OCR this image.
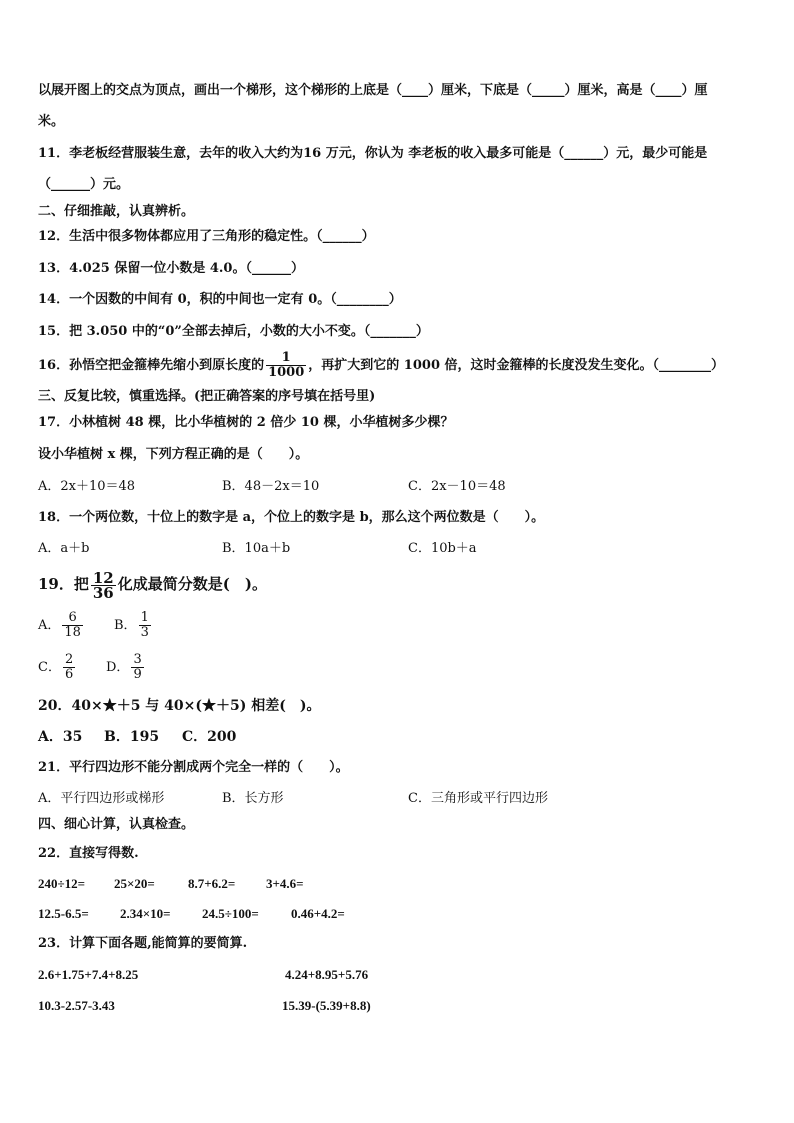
以展开图上的交点为顶点，画出一个梯形，这个梯形的上底是（____）厘米，下底是（_____）厘米，高是（____）厘
米。
11．李老板经营服装生意，去年的收入大约为16 万元，你认为 李老板的收入最多可能是（______）元，最少可能是
（______）元。
二、仔细推敲，认真辨析。
12．生活中很多物体都应用了三角形的稳定性。（______）
13．4.025 保留一位小数是 4.0。（______）
14．一个因数的中间有 0，积的中间也一定有 0。（________）
15．把 3.050 中的“0”全部去掉后，小数的大小不变。（_______）
16．孙悟空把金箍棒先缩小到原长度的 $\frac{1}{1000}$ ，再扩大到它的 1000 倍，这时金箍棒的长度没发生变化。（________）
三、反复比较，慎重选择。(把正确答案的序号填在括号里)
17．小林植树 48 棵，比小华植树的 2 倍少 10 棵，小华植树多少棵？
设小华植树 x 棵，下列方程正确的是（　　）。
A．2x＋10＝48	B．48－2x＝10	C．2x－10＝48
18．一个两位数，十位上的数字是 a，个位上的数字是 b，那么这个两位数是（　　）。
A．a＋b	B．10a＋b	C．10b＋a
19．把 $\frac{12}{36}$ 化成最简分数是(　)。
A． $\frac{6}{18}$ B． $\frac{1}{3}$
C． $\frac{2}{6}$ D． $\frac{3}{9}$
20．40×★＋5 与 40×(★＋5) 相差(　)。
A．35 B．195 C．200
21．平行四边形不能分割成两个完全一样的（　　）。
A．平行四边形或梯形	B．长方形	C．三角形或平行四边形
四、细心计算，认真检查。
22．直接写得数.
240÷12= 25×20=	8.7+6.2= 3+4.6=
12.5-6.5= 2.34×10= 24.5÷100= 0.46+4.2=
23．计算下面各题,能简算的要简算.
2.6+1.75+7.4+8.25	4.24+8.95+5.76
10.3-2.57-3.43	15.39-(5.39+8.8)
